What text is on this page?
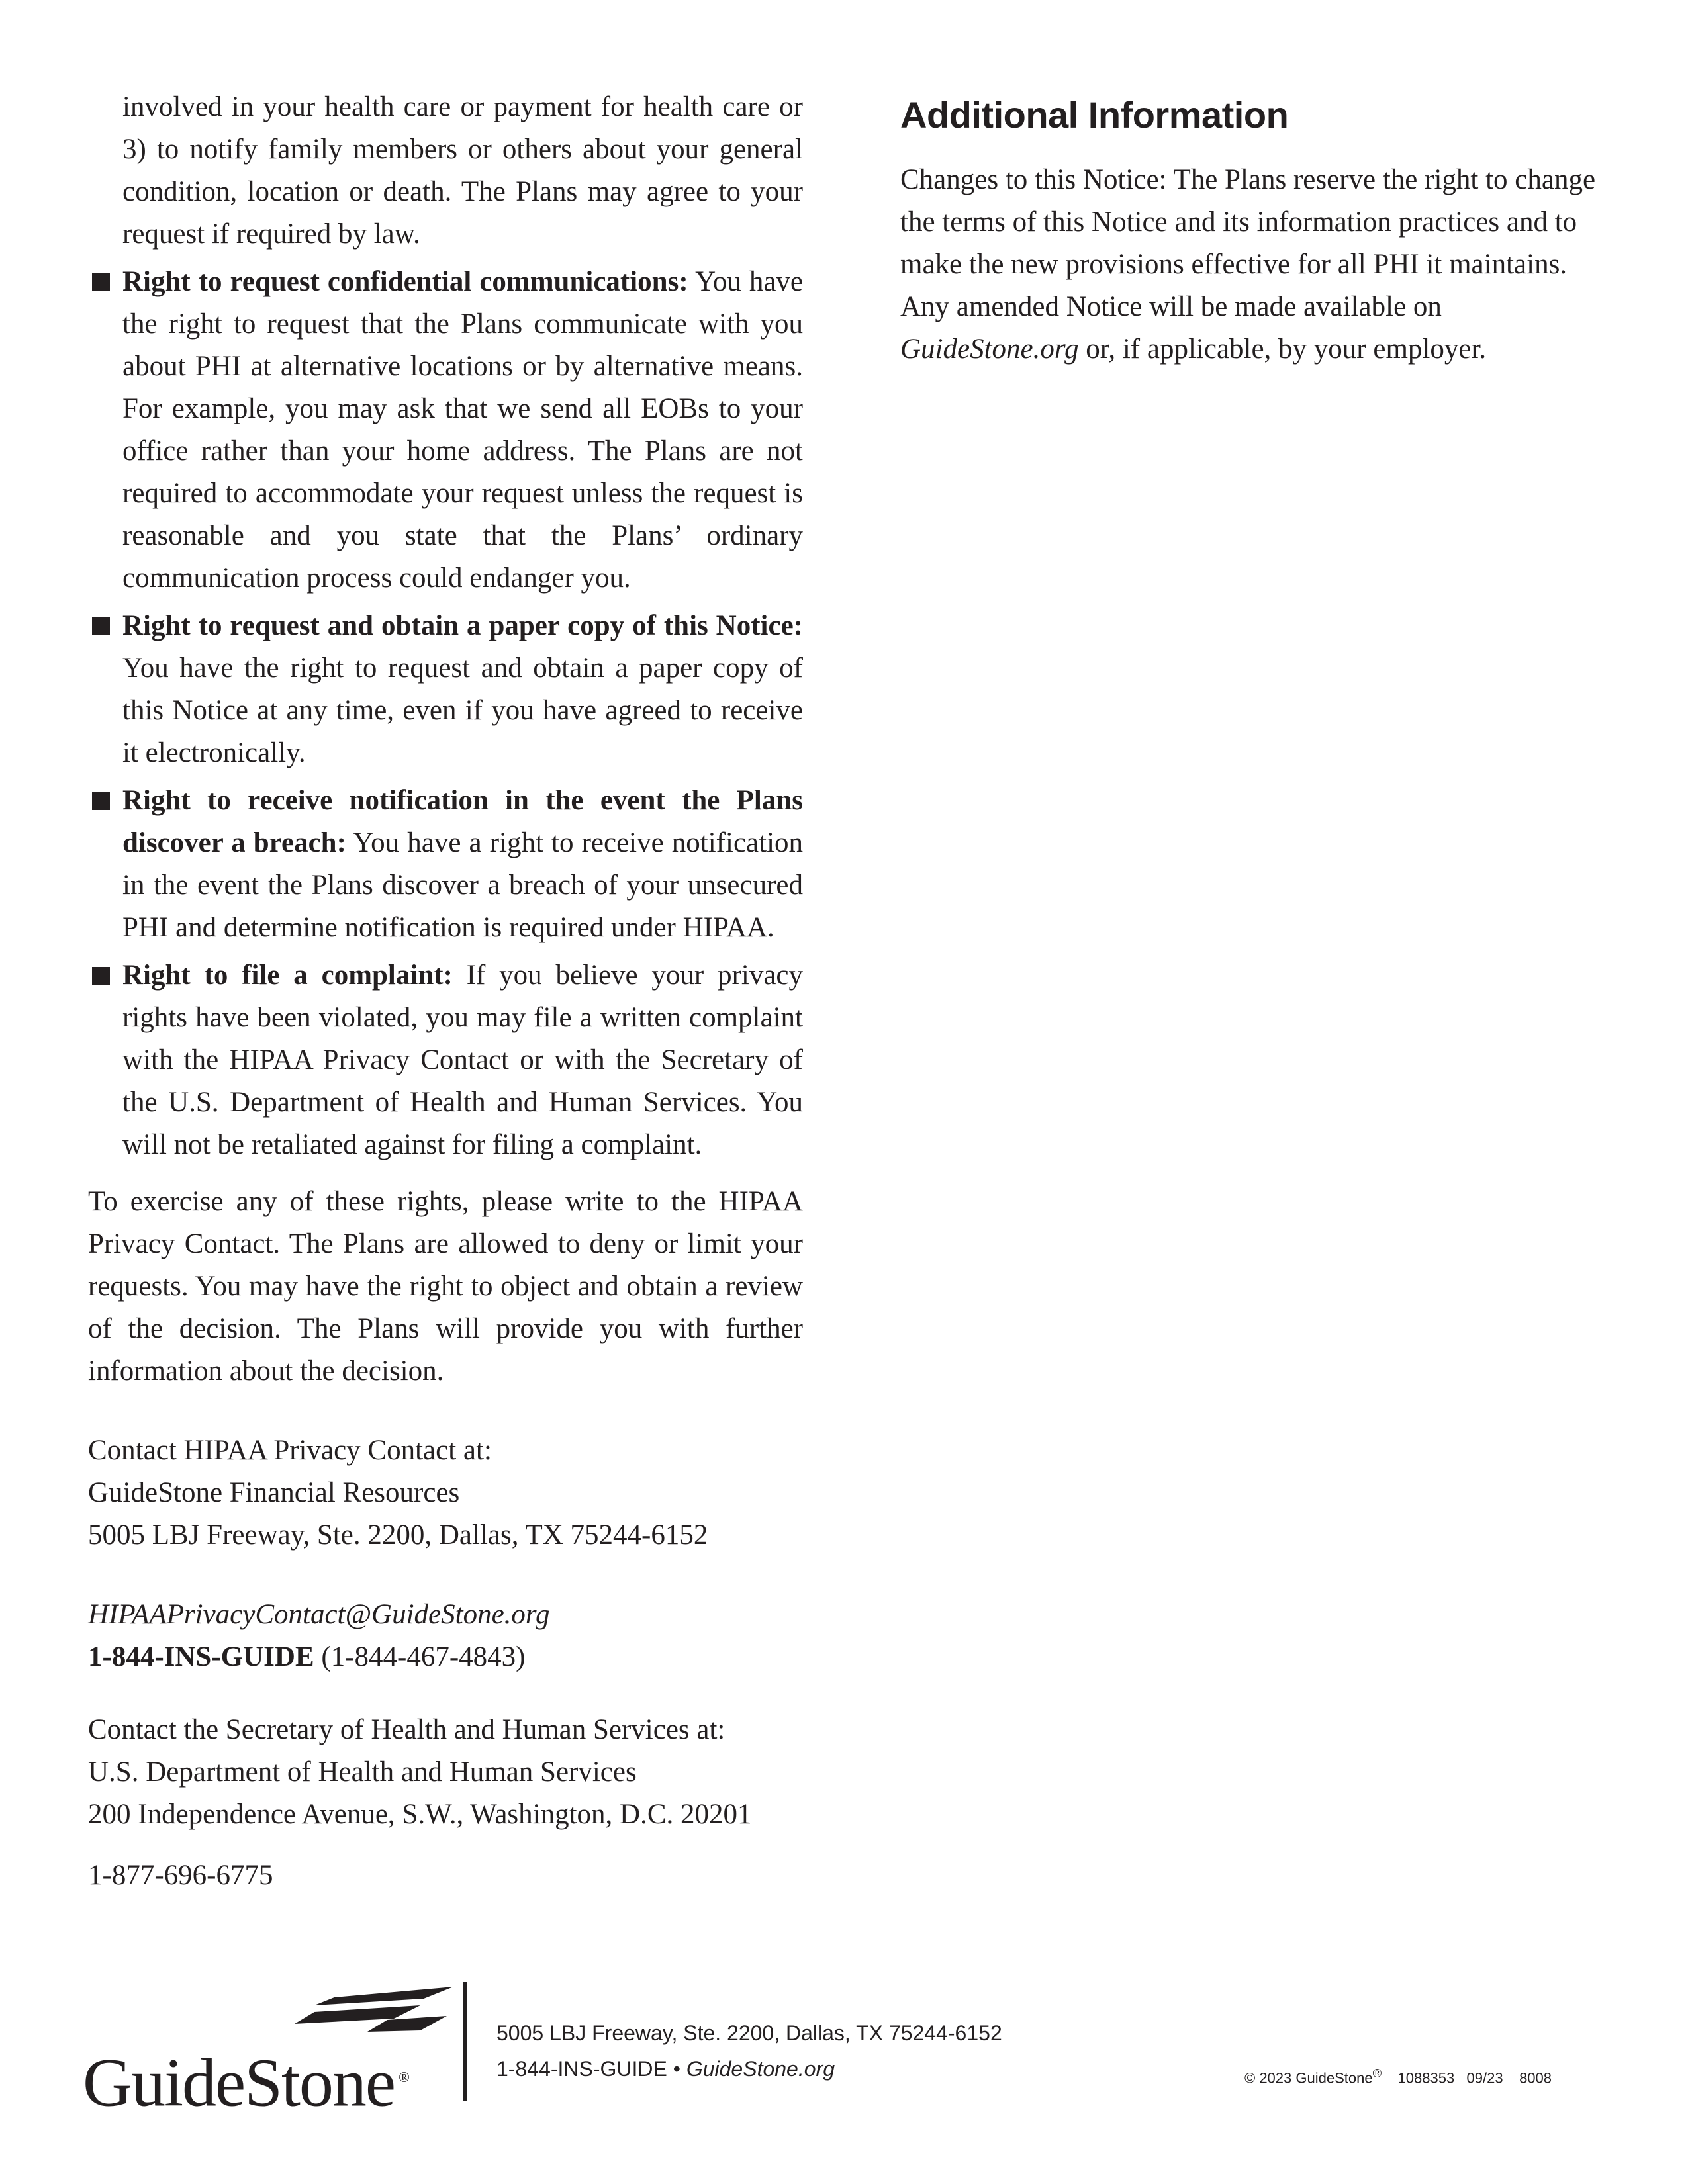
involved in your health care or payment for health care or 3) to notify family members or others about your general condition, location or death. The Plans may agree to your request if required by law.

Right to request confidential communications: You have the right to request that the Plans communicate with you about PHI at alternative locations or by alternative means. For example, you may ask that we send all EOBs to your office rather than your home address. The Plans are not required to accommodate your request unless the request is reasonable and you state that the Plans’ ordinary communication process could endanger you.

Right to request and obtain a paper copy of this Notice: You have the right to request and obtain a paper copy of this Notice at any time, even if you have agreed to receive it electronically.

Right to receive notification in the event the Plans discover a breach: You have a right to receive notification in the event the Plans discover a breach of your unsecured PHI and determine notification is required under HIPAA.

Right to file a complaint: If you believe your privacy rights have been violated, you may file a written complaint with the HIPAA Privacy Contact or with the Secretary of the U.S. Department of Health and Human Services. You will not be retaliated against for filing a complaint.

To exercise any of these rights, please write to the HIPAA Privacy Contact. The Plans are allowed to deny or limit your requests. You may have the right to object and obtain a review of the decision. The Plans will provide you with further information about the decision.

Contact HIPAA Privacy Contact at:
GuideStone Financial Resources
5005 LBJ Freeway, Ste. 2200, Dallas, TX 75244-6152
HIPAAPrivacyContact@GuideStone.org
1-844-INS-GUIDE (1-844-467-4843)
Contact the Secretary of Health and Human Services at:
U.S. Department of Health and Human Services
200 Independence Avenue, S.W., Washington, D.C. 20201
1-877-696-6775
Additional Information

Changes to this Notice: The Plans reserve the right to change the terms of this Notice and its information practices and to make the new provisions effective for all PHI it maintains. Any amended Notice will be made available on GuideStone.org or, if applicable, by your employer.

GuideStone ®
5005 LBJ Freeway, Ste. 2200, Dallas, TX 75244-6152
1-844-INS-GUIDE • GuideStone.org	© 2023 GuideStone® 1088353 09/23 8008
